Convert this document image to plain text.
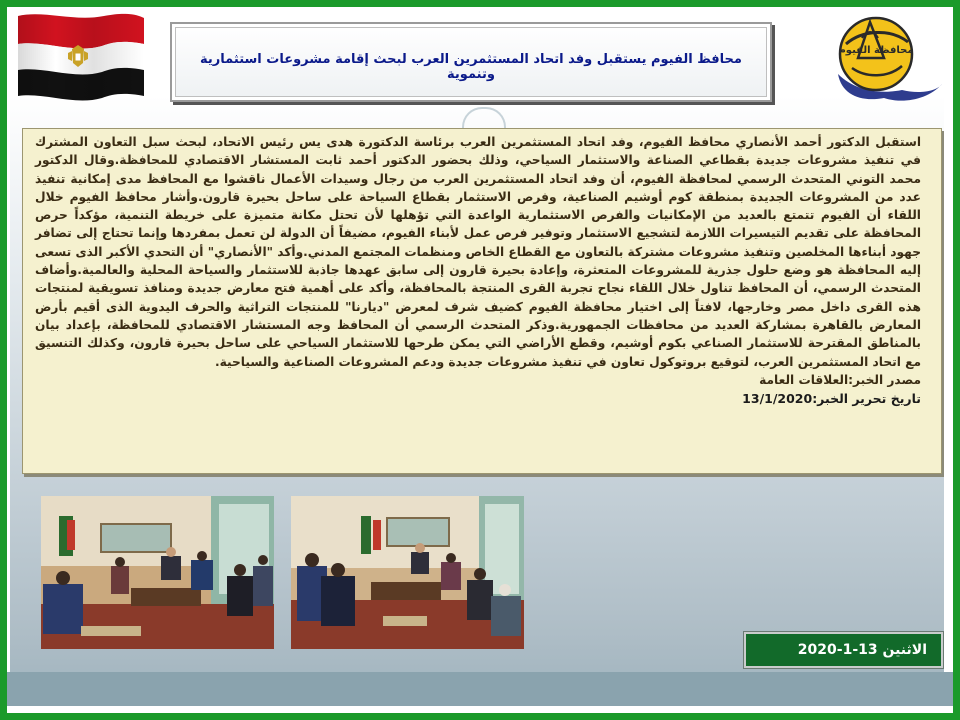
محافظ الفيوم يستقبل وفد اتحاد المستثمرين العرب لبحث إقامة مشروعات استثمارية وتنموية
محافظة الفيوم

استقبل الدكتور أحمد الأنصاري محافظ الفيوم، وفد اتحاد المستثمرين العرب برئاسة الدكتورة هدى يس رئيس الاتحاد، لبحث سبل التعاون المشترك في تنفيذ مشروعات جديدة بقطاعي الصناعة والاستثمار السياحي، وذلك بحضور الدكتور أحمد ثابت المستشار الاقتصادي للمحافظة.وقال الدكتور محمد التوني المتحدث الرسمي لمحافظة الفيوم، أن وفد اتحاد المستثمرين العرب من رجال وسيدات الأعمال ناقشوا مع المحافظ مدى إمكانية تنفيذ عدد من المشروعات الجديدة بمنطقة كوم أوشيم الصناعية، وفرص الاستثمار بقطاع السياحة على ساحل بحيرة قارون.وأشار محافظ الفيوم خلال اللقاء أن الفيوم تتمتع بالعديد من الإمكانيات والفرص الاستثمارية الواعدة التي تؤهلها لأن تحتل مكانة متميزة على خريطة التنمية، مؤكداً حرص المحافظة على تقديم التيسيرات اللازمة لتشجيع الاستثمار وتوفير فرص عمل لأبناء الفيوم، مضيفاً أن الدولة لن تعمل بمفردها وإنما تحتاج إلى تضافر جهود أبناءها المخلصين وتنفيذ مشروعات مشتركة بالتعاون مع القطاع الخاص ومنظمات المجتمع المدني.وأكد "الأنصاري" أن التحدي الأكبر الذى تسعى إليه المحافظة هو وضع حلول جذرية للمشروعات المتعثرة، وإعادة بحيرة قارون إلى سابق عهدها جاذبة للاستثمار والسياحة المحلية والعالمية.وأضاف المتحدث الرسمي، أن المحافظ تناول خلال اللقاء نجاح تجربة القرى المنتجة بالمحافظة، وأكد على أهمية فتح معارض جديدة ومنافذ تسويقية لمنتجات هذه القرى داخل مصر وخارجها، لافتاً إلى اختيار محافظة الفيوم كضيف شرف لمعرض "ديارنا" للمنتجات التراثية والحرف اليدوية الذى أقيم بأرض المعارض بالقاهرة بمشاركة العديد من محافظات الجمهورية.وذكر المتحدث الرسمي أن المحافظ وجه المستشار الاقتصادي للمحافظة، بإعداد بيان بالمناطق المقترحة للاستثمار الصناعي بكوم أوشيم، وقطع الأراضي التي يمكن طرحها للاستثمار السياحي على ساحل بحيرة قارون، وكذلك التنسيق مع اتحاد المستثمرين العرب، لتوقيع بروتوكول تعاون في تنفيذ مشروعات جديدة ودعم المشروعات الصناعية والسياحية.

مصدر الخبر:العلاقات العامة
تاريخ تحرير الخبر:13/1/2020
الاثنين 13-1-2020
